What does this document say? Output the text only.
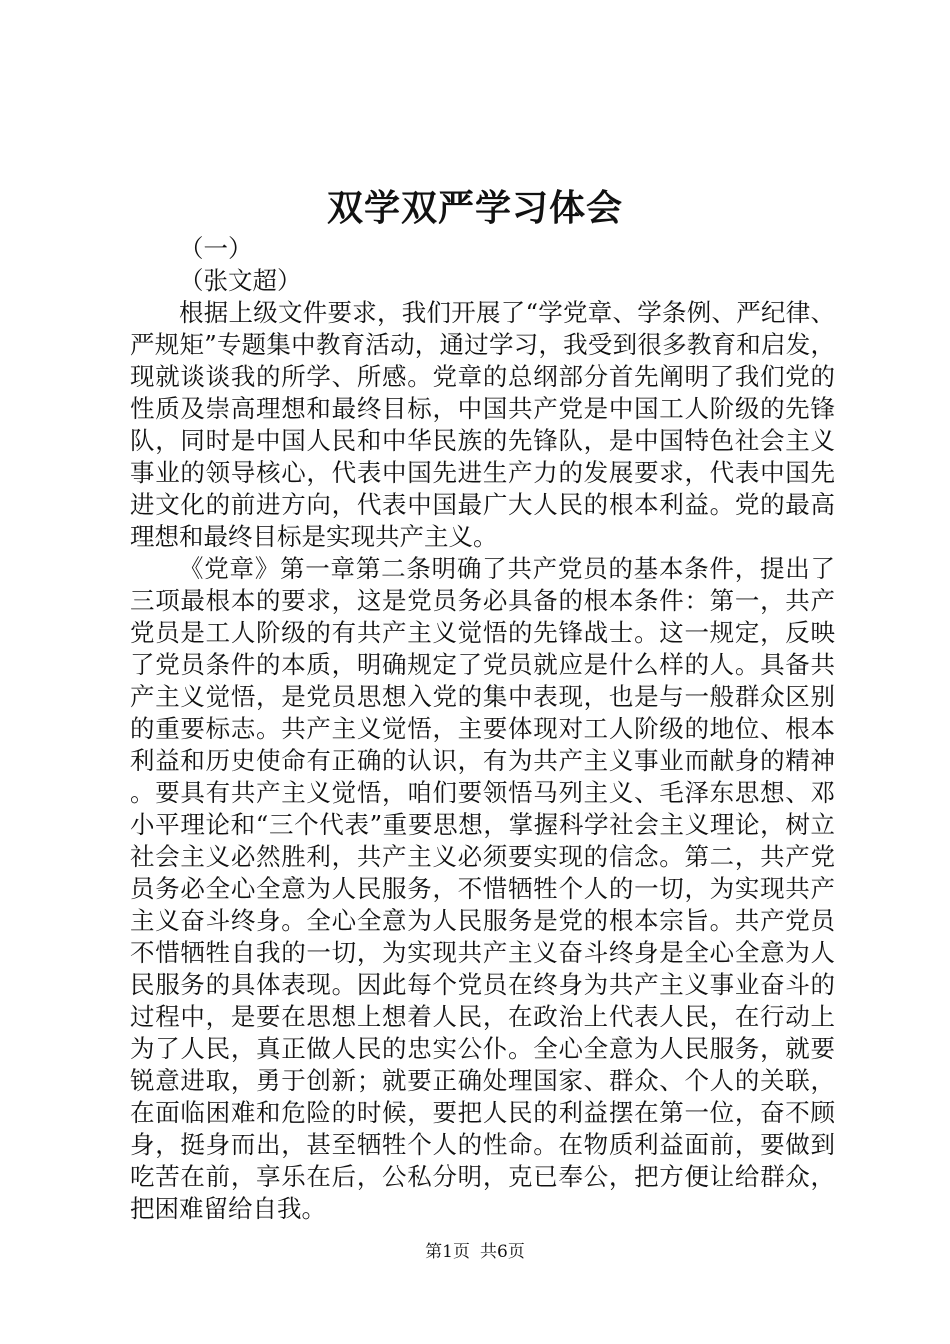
双学双严学习体会

（一）

（张文超）

根据上级文件要求，我们开展了“学党章、学条例、严纪律、严规矩”专题集中教育活动，通过学习，我受到很多教育和启发，现就谈谈我的所学、所感。党章的总纲部分首先阐明了我们党的性质及崇高理想和最终目标，中国共产党是中国工人阶级的先锋队，同时是中国人民和中华民族的先锋队，是中国特色社会主义事业的领导核心，代表中国先进生产力的发展要求，代表中国先进文化的前进方向，代表中国最广大人民的根本利益。党的最高理想和最终目标是实现共产主义。

《党章》第一章第二条明确了共产党员的基本条件，提出了三项最根本的要求，这是党员务必具备的根本条件：第一，共产党员是工人阶级的有共产主义觉悟的先锋战士。这一规定，反映了党员条件的本质，明确规定了党员就应是什么样的人。具备共产主义觉悟，是党员思想入党的集中表现，也是与一般群众区别的重要标志。共产主义觉悟，主要体现对工人阶级的地位、根本利益和历史使命有正确的认识，有为共产主义事业而献身的精神。要具有共产主义觉悟，咱们要领悟马列主义、毛泽东思想、邓小平理论和“三个代表”重要思想，掌握科学社会主义理论，树立社会主义必然胜利，共产主义必须要实现的信念。第二，共产党员务必全心全意为人民服务，不惜牺牲个人的一切，为实现共产主义奋斗终身。全心全意为人民服务是党的根本宗旨。共产党员不惜牺牲自我的一切，为实现共产主义奋斗终身是全心全意为人民服务的具体表现。因此每个党员在终身为共产主义事业奋斗的过程中，是要在思想上想着人民，在政治上代表人民，在行动上为了人民，真正做人民的忠实公仆。全心全意为人民服务，就要锐意进取，勇于创新；就要正确处理国家、群众、个人的关联，在面临困难和危险的时候，要把人民的利益摆在第一位，奋不顾身，挺身而出，甚至牺牲个人的性命。在物质利益面前，要做到吃苦在前，享乐在后，公私分明，克已奉公，把方便让给群众，把困难留给自我。

第1页 共6页
